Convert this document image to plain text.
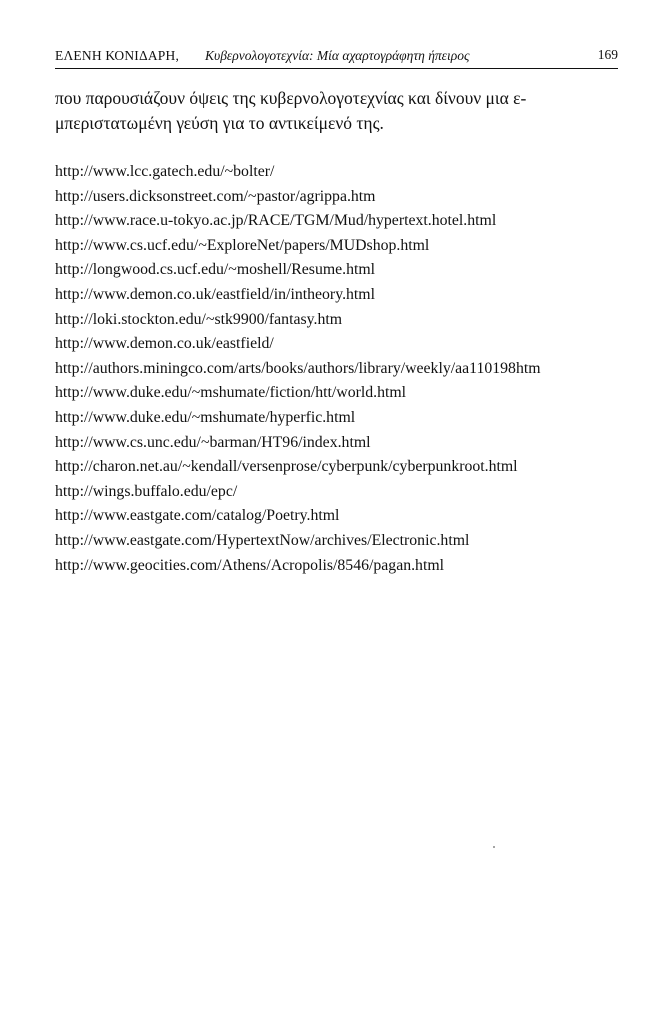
ΕΛΕΝΗ ΚΟΝΙΔΑΡΗ, Κυβερνολογοτεχνία: Μία αχαρτογράφητη ήπειρος	169

που παρουσιάζουν όψεις της κυβερνολογοτεχνίας και δίνουν μια ε-
μπεριστατωμένη γεύση για το αντικείμενό της.

http://www.lcc.gatech.edu/~bolter/
http://users.dicksonstreet.com/~pastor/agrippa.htm
http://www.race.u-tokyo.ac.jp/RACE/TGM/Mud/hypertext.hotel.html
http://www.cs.ucf.edu/~ExploreNet/papers/MUDshop.html
http://longwood.cs.ucf.edu/~moshell/Resume.html
http://www.demon.co.uk/eastfield/in/intheory.html
http://loki.stockton.edu/~stk9900/fantasy.htm
http://www.demon.co.uk/eastfield/
http://authors.miningco.com/arts/books/authors/library/weekly/aa110198htm
http://www.duke.edu/~mshumate/fiction/htt/world.html
http://www.duke.edu/~mshumate/hyperfic.html
http://www.cs.unc.edu/~barman/HT96/index.html
http://charon.net.au/~kendall/versenprose/cyberpunk/cyberpunkroot.html
http://wings.buffalo.edu/epc/
http://www.eastgate.com/catalog/Poetry.html
http://www.eastgate.com/HypertextNow/archives/Electronic.html
http://www.geocities.com/Athens/Acropolis/8546/pagan.html
